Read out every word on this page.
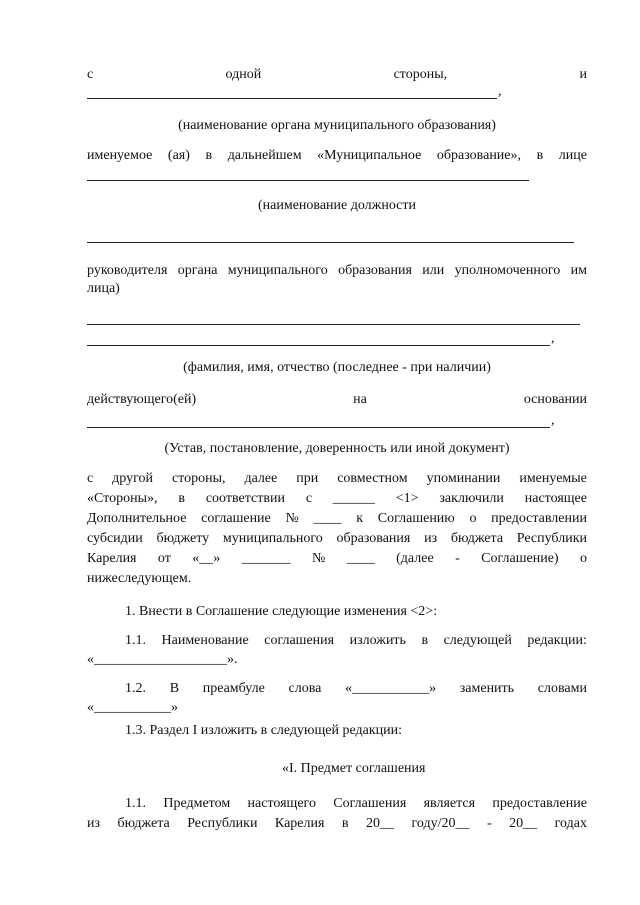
с	одной	стороны,	и
,
(наименование органа муниципального образования)
именуемое (ая) в дальнейшем «Муниципальное образование», в лице
(наименование должности
руководителя органа муниципального образования или уполномоченного им
лица)
,
(фамилия, имя, отчество (последнее - при наличии)
действующего(ей)	на	основании
,
(Устав, постановление, доверенность или иной документ)
с другой стороны, далее при совместном упоминании именуемые
«Стороны», в соответствии с ______ <1> заключили настоящее
Дополнительное соглашение № ____ к Соглашению о предоставлении
субсидии бюджету муниципального образования из бюджета Республики
Карелия от «__» _______ № ____ (далее - Соглашение) о
нижеследующем.
1. Внести в Соглашение следующие изменения <2>:
1.1. Наименование соглашения изложить в следующей редакции:
«___________________».
1.2. В преамбуле слова «___________» заменить словами
«___________»
1.3. Раздел I изложить в следующей редакции:
«I. Предмет соглашения
1.1. Предметом настоящего Соглашения является предоставление
из бюджета Республики Карелия в 20__ году/20__ - 20__ годах
